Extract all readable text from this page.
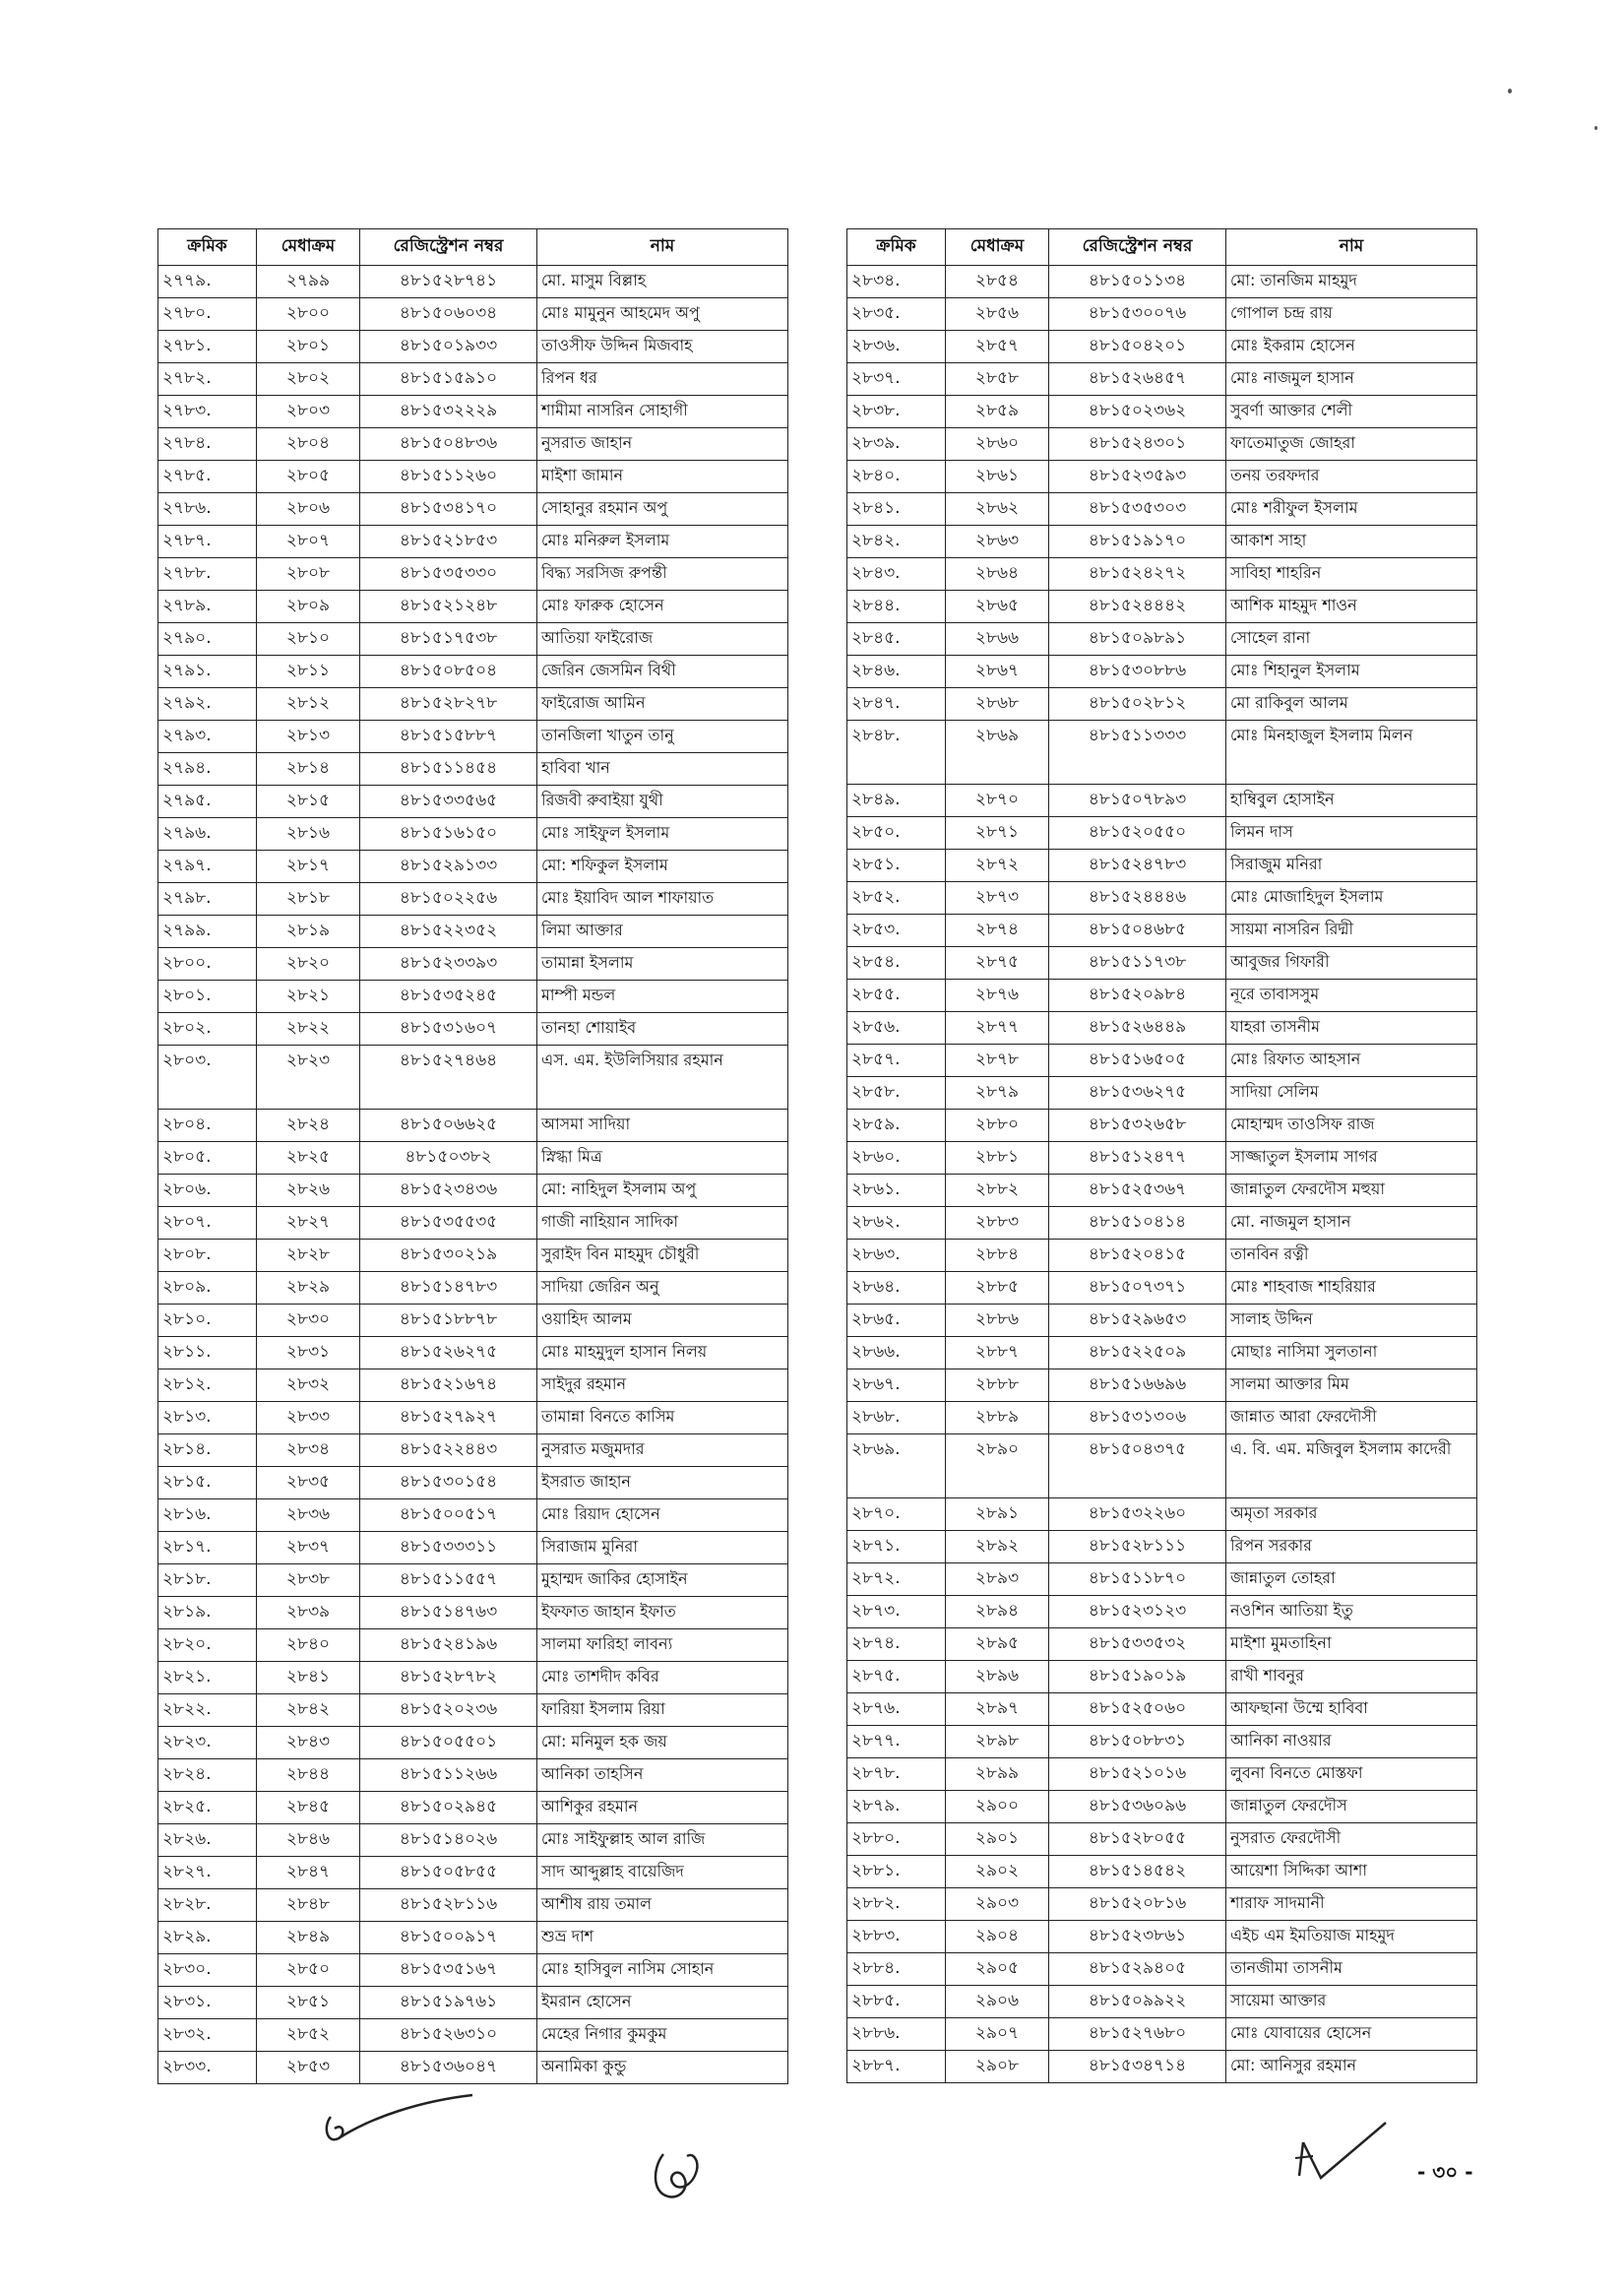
ক্রমিক	মেধাক্রম	রেজিস্ট্রেশন নম্বর	নাম
২৭৭৯.	২৭৯৯	৪৮১৫২৮৭৪১	মো. মাসুম বিল্লাহ
২৭৮০.	২৮০০	৪৮১৫০৬০৩৪	মোঃ মামুনুন আহমেদ অপু
২৭৮১.	২৮০১	৪৮১৫০১৯৩৩	তাওসীফ উদ্দিন মিজবাহ
২৭৮২.	২৮০২	৪৮১৫১৫৯১০	রিপন ধর
২৭৮৩.	২৮০৩	৪৮১৫৩২২২৯	শামীমা নাসরিন সোহাগী
২৭৮৪.	২৮০৪	৪৮১৫০৪৮৩৬	নুসরাত জাহান
২৭৮৫.	২৮০৫	৪৮১৫১১২৬০	মাইশা জামান
২৭৮৬.	২৮০৬	৪৮১৫৩৪১৭০	সোহানুর রহমান অপু
২৭৮৭.	২৮০৭	৪৮১৫২১৮৫৩	মোঃ মনিরুল ইসলাম
২৭৮৮.	২৮০৮	৪৮১৫৩৫৩৩০	বিদ্ধ্য সরসিজ রুপন্তী
২৭৮৯.	২৮০৯	৪৮১৫২১২৪৮	মোঃ ফারুক হোসেন
২৭৯০.	২৮১০	৪৮১৫১৭৫৩৮	আতিয়া ফাইরোজ
২৭৯১.	২৮১১	৪৮১৫০৮৫০৪	জেরিন জেসমিন বিথী
২৭৯২.	২৮১২	৪৮১৫২৮২৭৮	ফাইরোজ আমিন
২৭৯৩.	২৮১৩	৪৮১৫১৫৮৮৭	তানজিলা খাতুন তানু
২৭৯৪.	২৮১৪	৪৮১৫১১৪৫৪	হাবিবা খান
২৭৯৫.	২৮১৫	৪৮১৫৩৩৫৬৫	রিজবী রুবাইয়া যুথী
২৭৯৬.	২৮১৬	৪৮১৫১৬১৫০	মোঃ সাইফুল ইসলাম
২৭৯৭.	২৮১৭	৪৮১৫২৯১৩৩	মো: শফিকুল ইসলাম
২৭৯৮.	২৮১৮	৪৮১৫০২২৫৬	মোঃ ইয়াবিদ আল শাফায়াত
২৭৯৯.	২৮১৯	৪৮১৫২২৩৫২	লিমা আক্তার
২৮০০.	২৮২০	৪৮১৫২৩৩৯৩	তামান্না ইসলাম
২৮০১.	২৮২১	৪৮১৫৩৫২৪৫	মাম্পী মন্ডল
২৮০২.	২৮২২	৪৮১৫৩১৬০৭	তানহা শোয়াইব
২৮০৩.	২৮২৩	৪৮১৫২৭৪৬৪	এস. এম. ইউলিসিয়ার রহমান
২৮০৪.	২৮২৪	৪৮১৫০৬৬২৫	আসমা সাদিয়া
২৮০৫.	২৮২৫	৪৮১৫০৩৮২	স্নিগ্ধা মিত্র
২৮০৬.	২৮২৬	৪৮১৫২৩৪৩৬	মো: নাহিদুল ইসলাম অপু
২৮০৭.	২৮২৭	৪৮১৫৩৫৫৩৫	গাজী নাহিয়ান সাদিকা
২৮০৮.	২৮২৮	৪৮১৫৩০২১৯	সুরাইদ বিন মাহমুদ চৌধুরী
২৮০৯.	২৮২৯	৪৮১৫১৪৭৮৩	সাদিয়া জেরিন অনু
২৮১০.	২৮৩০	৪৮১৫১৮৮৭৮	ওয়াহিদ আলম
২৮১১.	২৮৩১	৪৮১৫২৬২৭৫	মোঃ মাহমুদুল হাসান নিলয়
২৮১২.	২৮৩২	৪৮১৫২১৬৭৪	সাইদুর রহমান
২৮১৩.	২৮৩৩	৪৮১৫২৭৯২৭	তামান্না বিনতে কাসিম
২৮১৪.	২৮৩৪	৪৮১৫২২৪৪৩	নুসরাত মজুমদার
২৮১৫.	২৮৩৫	৪৮১৫৩০১৫৪	ইসরাত জাহান
২৮১৬.	২৮৩৬	৪৮১৫০০৫১৭	মোঃ রিয়াদ হোসেন
২৮১৭.	২৮৩৭	৪৮১৫৩৩৩১১	সিরাজাম মুনিরা
২৮১৮.	২৮৩৮	৪৮১৫১১৫৫৭	মুহাম্মদ জাকির হোসাইন
২৮১৯.	২৮৩৯	৪৮১৫১৪৭৬৩	ইফফাত জাহান ইফাত
২৮২০.	২৮৪০	৪৮১৫২৪১৯৬	সালমা ফারিহা লাবন্য
২৮২১.	২৮৪১	৪৮১৫২৮৭৮২	মোঃ তাশদীদ কবির
২৮২২.	২৮৪২	৪৮১৫২০২৩৬	ফারিয়া ইসলাম রিয়া
২৮২৩.	২৮৪৩	৪৮১৫০৫৫০১	মো: মনিমুল হক জয়
২৮২৪.	২৮৪৪	৪৮১৫১১২৬৬	আনিকা তাহসিন
২৮২৫.	২৮৪৫	৪৮১৫০২৯৪৫	আশিকুর রহমান
২৮২৬.	২৮৪৬	৪৮১৫১৪০২৬	মোঃ সাইফুল্লাহ আল রাজি
২৮২৭.	২৮৪৭	৪৮১৫০৫৮৫৫	সাদ আব্দুল্লাহ বায়েজিদ
২৮২৮.	২৮৪৮	৪৮১৫২৮১১৬	আশীষ রায় তমাল
২৮২৯.	২৮৪৯	৪৮১৫০০৯১৭	শুভ্র দাশ
২৮৩০.	২৮৫০	৪৮১৫৩৫১৬৭	মোঃ হাসিবুল নাসিম সোহান
২৮৩১.	২৮৫১	৪৮১৫১৯৭৬১	ইমরান হোসেন
২৮৩২.	২৮৫২	৪৮১৫২৬৩১০	মেহের নিগার কুমকুম
২৮৩৩.	২৮৫৩	৪৮১৫৩৬০৪৭	অনামিকা কুন্ডু
ক্রমিক	মেধাক্রম	রেজিস্ট্রেশন নম্বর	নাম
২৮৩৪.	২৮৫৪	৪৮১৫০১১৩৪	মো: তানজিম মাহমুদ
২৮৩৫.	২৮৫৬	৪৮১৫৩০০৭৬	গোপাল চন্দ্র রায়
২৮৩৬.	২৮৫৭	৪৮১৫০৪২০১	মোঃ ইকরাম হোসেন
২৮৩৭.	২৮৫৮	৪৮১৫২৬৪৫৭	মোঃ নাজমুল হাসান
২৮৩৮.	২৮৫৯	৪৮১৫০২৩৬২	সুবর্ণা আক্তার শেলী
২৮৩৯.	২৮৬০	৪৮১৫২৪৩০১	ফাতেমাতুজ জোহরা
২৮৪০.	২৮৬১	৪৮১৫২৩৫৯৩	তনয় তরফদার
২৮৪১.	২৮৬২	৪৮১৫৩৫৩০৩	মোঃ শরীফুল ইসলাম
২৮৪২.	২৮৬৩	৪৮১৫১৯১৭০	আকাশ সাহা
২৮৪৩.	২৮৬৪	৪৮১৫২৪২৭২	সাবিহা শাহরিন
২৮৪৪.	২৮৬৫	৪৮১৫২৪৪৪২	আশিক মাহমুদ শাওন
২৮৪৫.	২৮৬৬	৪৮১৫০৯৮৯১	সোহেল রানা
২৮৪৬.	২৮৬৭	৪৮১৫৩০৮৮৬	মোঃ শিহানুল ইসলাম
২৮৪৭.	২৮৬৮	৪৮১৫০২৮১২	মো রাকিবুল আলম
২৮৪৮.	২৮৬৯	৪৮১৫১১৩৩৩	মোঃ মিনহাজুল ইসলাম মিলন
২৮৪৯.	২৮৭০	৪৮১৫০৭৮৯৩	হাম্বিবুল হোসাইন
২৮৫০.	২৮৭১	৪৮১৫২০৫৫০	লিমন দাস
২৮৫১.	২৮৭২	৪৮১৫২৪৭৮৩	সিরাজুম মনিরা
২৮৫২.	২৮৭৩	৪৮১৫২৪৪৪৬	মোঃ মোজাহিদুল ইসলাম
২৮৫৩.	২৮৭৪	৪৮১৫০৪৬৮৫	সায়মা নাসরিন রিদ্মী
২৮৫৪.	২৮৭৫	৪৮১৫১১৭৩৮	আবুজর গিফারী
২৮৫৫.	২৮৭৬	৪৮১৫২০৯৮৪	নূরে তাবাসসুম
২৮৫৬.	২৮৭৭	৪৮১৫২৬৪৪৯	যাহরা তাসনীম
২৮৫৭.	২৮৭৮	৪৮১৫১৬৫০৫	মোঃ রিফাত আহসান
২৮৫৮.	২৮৭৯	৪৮১৫৩৬২৭৫	সাদিয়া সেলিম
২৮৫৯.	২৮৮০	৪৮১৫৩২৬৫৮	মোহাম্মদ তাওসিফ রাজ
২৮৬০.	২৮৮১	৪৮১৫১২৪৭৭	সাজ্জাতুল ইসলাম সাগর
২৮৬১.	২৮৮২	৪৮১৫২৫৩৬৭	জান্নাতুল ফেরদৌস মহুয়া
২৮৬২.	২৮৮৩	৪৮১৫১০৪১৪	মো. নাজমুল হাসান
২৮৬৩.	২৮৮৪	৪৮১৫২০৪১৫	তানবিন রত্নী
২৮৬৪.	২৮৮৫	৪৮১৫০৭৩৭১	মোঃ শাহবাজ শাহরিয়ার
২৮৬৫.	২৮৮৬	৪৮১৫২৯৬৫৩	সালাহ উদ্দিন
২৮৬৬.	২৮৮৭	৪৮১৫২২৫০৯	মোছাঃ নাসিমা সুলতানা
২৮৬৭.	২৮৮৮	৪৮১৫১৬৬৯৬	সালমা আক্তার মিম
২৮৬৮.	২৮৮৯	৪৮১৫৩১৩০৬	জান্নাত আরা ফেরদৌসী
২৮৬৯.	২৮৯০	৪৮১৫০৪৩৭৫	এ. বি. এম. মজিবুল ইসলাম কাদেরী
২৮৭০.	২৮৯১	৪৮১৫৩২২৬০	অমৃতা সরকার
২৮৭১.	২৮৯২	৪৮১৫২৮১১১	রিপন সরকার
২৮৭২.	২৮৯৩	৪৮১৫১১৮৭০	জান্নাতুল তোহরা
২৮৭৩.	২৮৯৪	৪৮১৫২৩১২৩	নওশিন আতিয়া ইতু
২৮৭৪.	২৮৯৫	৪৮১৫৩৩৫৩২	মাইশা মুমতাহিনা
২৮৭৫.	২৮৯৬	৪৮১৫১৯০১৯	রাখী শাবনুর
২৮৭৬.	২৮৯৭	৪৮১৫২৫০৬০	আফছানা উম্মে হাবিবা
২৮৭৭.	২৮৯৮	৪৮১৫০৮৮৩১	আনিকা নাওয়ার
২৮৭৮.	২৮৯৯	৪৮১৫২১০১৬	লুবনা বিনতে মোস্তফা
২৮৭৯.	২৯০০	৪৮১৫৩৬০৯৬	জান্নাতুল ফেরদৌস
২৮৮০.	২৯০১	৪৮১৫২৮০৫৫	নুসরাত ফেরদৌসী
২৮৮১.	২৯০২	৪৮১৫১৪৫৪২	আয়েশা সিদ্দিকা আশা
২৮৮২.	২৯০৩	৪৮১৫২০৮১৬	শারাফ সাদমানী
২৮৮৩.	২৯০৪	৪৮১৫২৩৮৬১	এইচ এম ইমতিয়াজ মাহমুদ
২৮৮৪.	২৯০৫	৪৮১৫২৯৪০৫	তানজীমা তাসনীম
২৮৮৫.	২৯০৬	৪৮১৫০৯৯২২	সায়েমা আক্তার
২৮৮৬.	২৯০৭	৪৮১৫২৭৬৮০	মোঃ যোবায়ের হোসেন
২৮৮৭.	২৯০৮	৪৮১৫৩৪৭১৪	মো: আনিসুর রহমান
- ৩০ -
